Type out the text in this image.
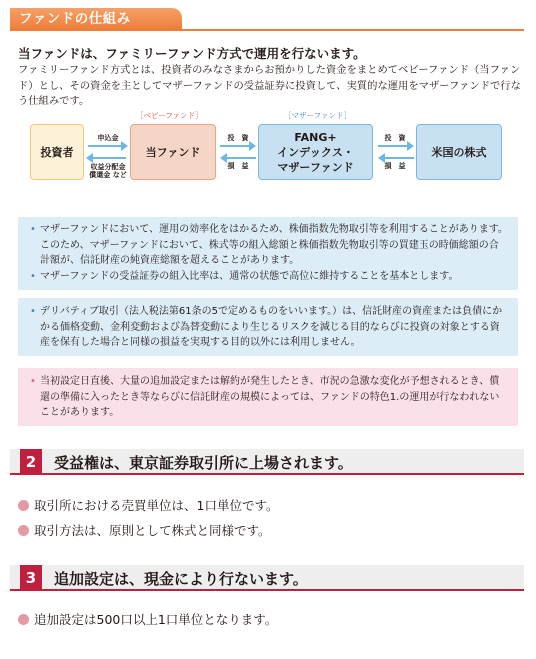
ファンドの仕組み
当ファンドは、ファミリーファンド方式で運用を行ないます。
ファミリーファンド方式とは、投資者のみなさまからお預かりした資金をまとめてベビーファンド（当ファンド）とし、その資金を主としてマザーファンドの受益証券に投資して、実質的な運用をマザーファンドで行なう仕組みです。
［ベビーファンド］	［マザーファンド］
投資者	当ファンド
FANG+
インデックス・
マザーファンド
米国の株式
申込金
収益分配金
償還金 など
投　資
損　益
投　資
損　益
• マザーファンドにおいて、運用の効率化をはかるため、株価指数先物取引等を利用することがあります。このため、マザーファンドにおいて、株式等の組入総額と株価指数先物取引等の買建玉の時価総額の合計額が、信託財産の純資産総額を超えることがあります。
• マザーファンドの受益証券の組入比率は、通常の状態で高位に維持することを基本とします。
• デリバティブ取引（法人税法第61条の5で定めるものをいいます。）は、信託財産の資産または負債にかかる価格変動、金利変動および為替変動により生じるリスクを減じる目的ならびに投資の対象とする資産を保有した場合と同様の損益を実現する目的以外には利用しません。
• 当初設定日直後、大量の追加設定または解約が発生したとき、市況の急激な変化が予想されるとき、償還の準備に入ったとき等ならびに信託財産の規模によっては、ファンドの特色1.の運用が行なわれないことがあります。
2	受益権は、東京証券取引所に上場されます。
取引所における売買単位は、1口単位です。
取引方法は、原則として株式と同様です。
3	追加設定は、現金により行ないます。
追加設定は500口以上1口単位となります。
